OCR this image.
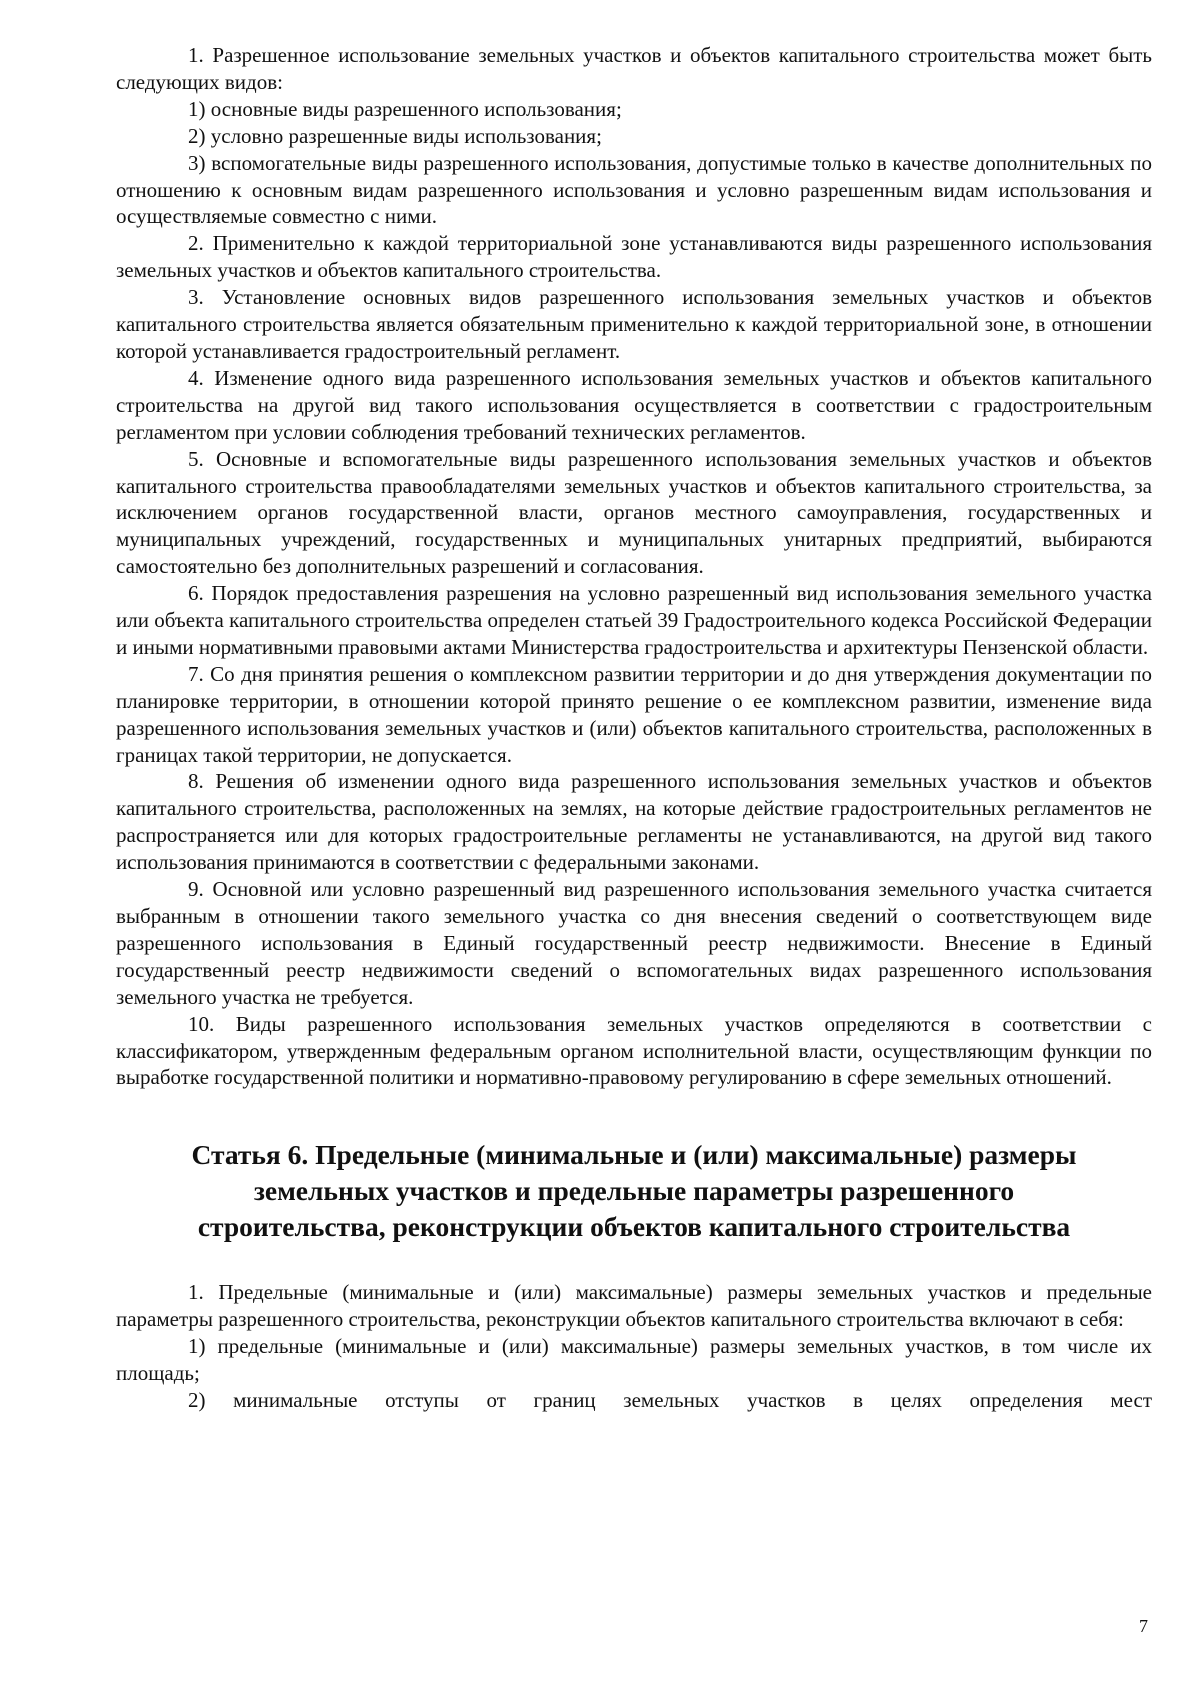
1. Разрешенное использование земельных участков и объектов капитального строительства может быть следующих видов:

1) основные виды разрешенного использования;

2) условно разрешенные виды использования;

3) вспомогательные виды разрешенного использования, допустимые только в качестве дополнительных по отношению к основным видам разрешенного использования и условно разрешенным видам использования и осуществляемые совместно с ними.

2. Применительно к каждой территориальной зоне устанавливаются виды разрешенного использования земельных участков и объектов капитального строительства.

3. Установление основных видов разрешенного использования земельных участков и объектов капитального строительства является обязательным применительно к каждой территориальной зоне, в отношении которой устанавливается градостроительный регламент.

4. Изменение одного вида разрешенного использования земельных участков и объектов капитального строительства на другой вид такого использования осуществляется в соответствии с градостроительным регламентом при условии соблюдения требований технических регламентов.

5. Основные и вспомогательные виды разрешенного использования земельных участков и объектов капитального строительства правообладателями земельных участков и объектов капитального строительства, за исключением органов государственной власти, органов местного самоуправления, государственных и муниципальных учреждений, государственных и муниципальных унитарных предприятий, выбираются самостоятельно без дополнительных разрешений и согласования.

6. Порядок предоставления разрешения на условно разрешенный вид использования земельного участка или объекта капитального строительства определен статьей 39 Градостроительного кодекса Российской Федерации и иными нормативными правовыми актами Министерства градостроительства и архитектуры Пензенской области.

7. Со дня принятия решения о комплексном развитии территории и до дня утверждения документации по планировке территории, в отношении которой принято решение о ее комплексном развитии, изменение вида разрешенного использования земельных участков и (или) объектов капитального строительства, расположенных в границах такой территории, не допускается.

8. Решения об изменении одного вида разрешенного использования земельных участков и объектов капитального строительства, расположенных на землях, на которые действие градостроительных регламентов не распространяется или для которых градостроительные регламенты не устанавливаются, на другой вид такого использования принимаются в соответствии с федеральными законами.

9. Основной или условно разрешенный вид разрешенного использования земельного участка считается выбранным в отношении такого земельного участка со дня внесения сведений о соответствующем виде разрешенного использования в Единый государственный реестр недвижимости. Внесение в Единый государственный реестр недвижимости сведений о вспомогательных видах разрешенного использования земельного участка не требуется.

10. Виды разрешенного использования земельных участков определяются в соответствии с классификатором, утвержденным федеральным органом исполнительной власти, осуществляющим функции по выработке государственной политики и нормативно-правовому регулированию в сфере земельных отношений.

Статья 6. Предельные (минимальные и (или) максимальные) размеры
земельных участков и предельные параметры разрешенного
строительства, реконструкции объектов капитального строительства

1. Предельные (минимальные и (или) максимальные) размеры земельных участков и предельные параметры разрешенного строительства, реконструкции объектов капитального строительства включают в себя:

1) предельные (минимальные и (или) максимальные) размеры земельных участков, в том числе их площадь;

2) минимальные отступы от границ земельных участков в целях определения мест

7
